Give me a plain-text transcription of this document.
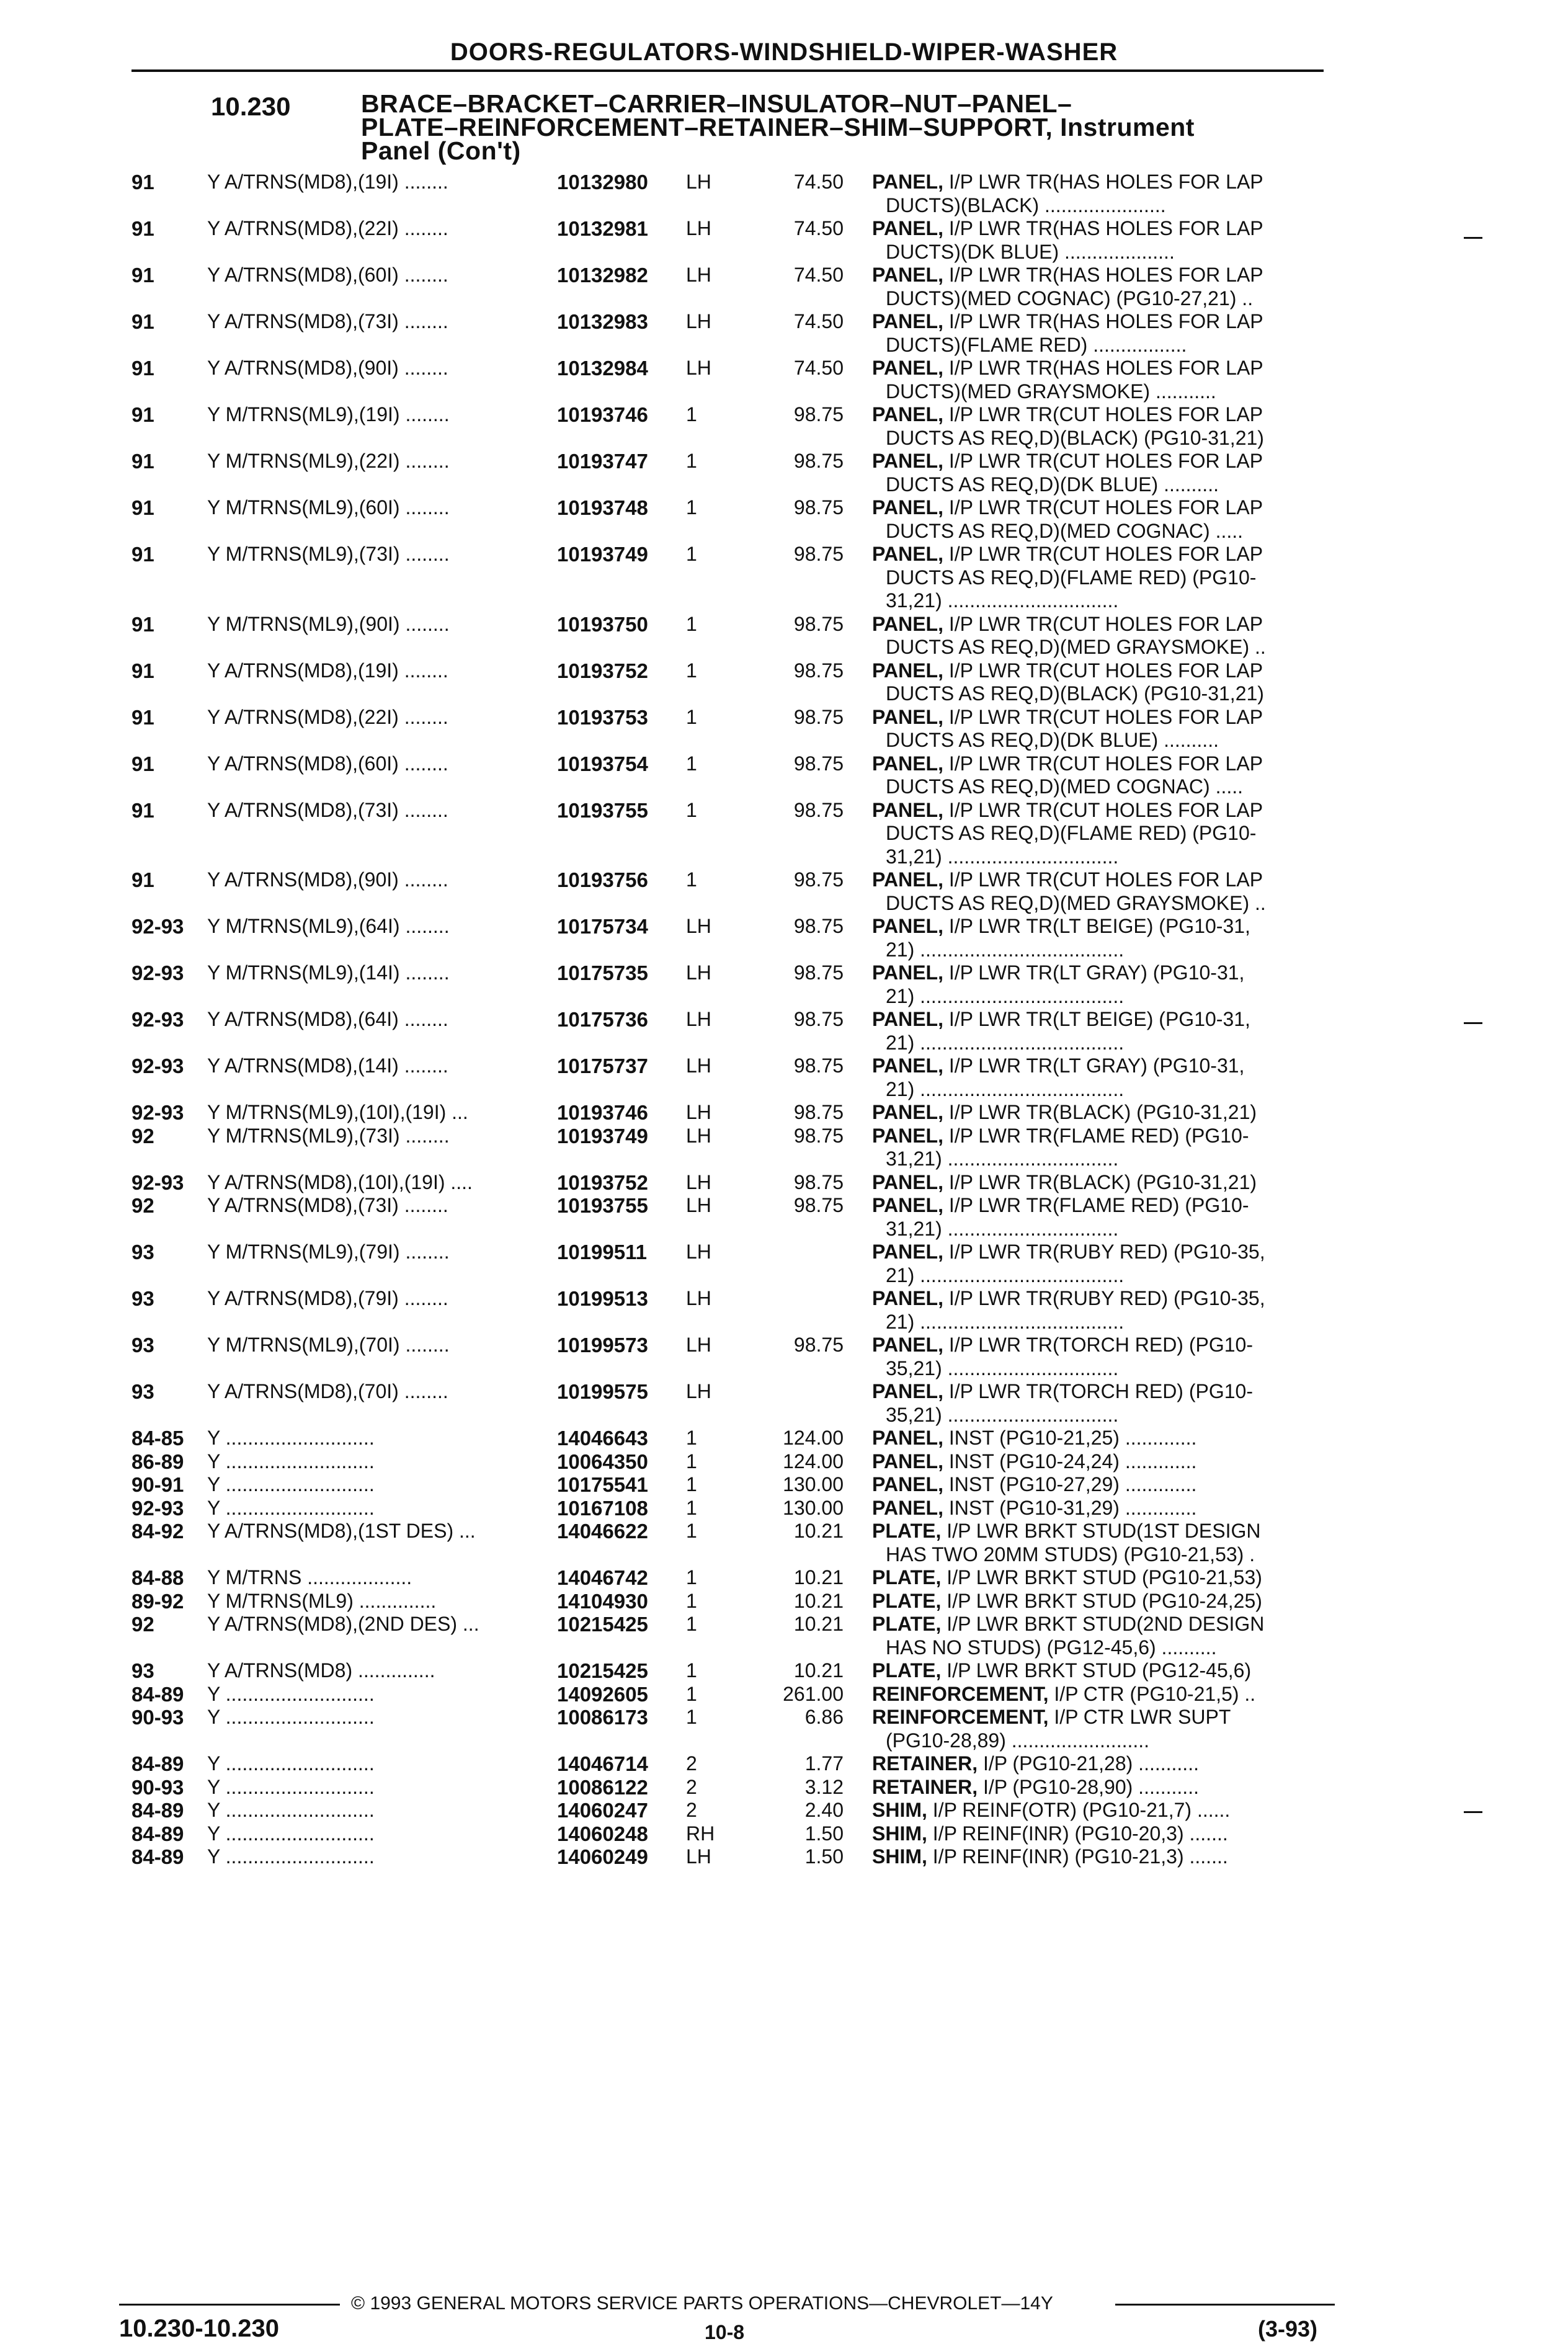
DOORS-REGULATORS-WINDSHIELD-WIPER-WASHER
10.230	BRACE–BRACKET–CARRIER–INSULATOR–NUT–PANEL–
PLATE–REINFORCEMENT–RETAINER–SHIM–SUPPORT, Instrument
Panel (Con't)
91	Y A/TRNS(MD8),(19I) ........	10132980 LH	74.50 PANEL, I/P LWR TR(HAS HOLES FOR LAP
DUCTS)(BLACK) ......................
91	Y A/TRNS(MD8),(22I) ........	10132981 LH	74.50 PANEL, I/P LWR TR(HAS HOLES FOR LAP
DUCTS)(DK BLUE) ....................
91	Y A/TRNS(MD8),(60I) ........	10132982 LH	74.50 PANEL, I/P LWR TR(HAS HOLES FOR LAP
DUCTS)(MED COGNAC) (PG10-27,21) ..
91	Y A/TRNS(MD8),(73I) ........	10132983 LH	74.50 PANEL, I/P LWR TR(HAS HOLES FOR LAP
DUCTS)(FLAME RED) .................
91	Y A/TRNS(MD8),(90I) ........	10132984 LH	74.50 PANEL, I/P LWR TR(HAS HOLES FOR LAP
DUCTS)(MED GRAYSMOKE) ...........
91	Y M/TRNS(ML9),(19I) ........	10193746 1	98.75 PANEL, I/P LWR TR(CUT HOLES FOR LAP
DUCTS AS REQ,D)(BLACK) (PG10-31,21)
91	Y M/TRNS(ML9),(22I) ........	10193747 1	98.75 PANEL, I/P LWR TR(CUT HOLES FOR LAP
DUCTS AS REQ,D)(DK BLUE) ..........
91	Y M/TRNS(ML9),(60I) ........	10193748 1	98.75 PANEL, I/P LWR TR(CUT HOLES FOR LAP
DUCTS AS REQ,D)(MED COGNAC) .....
91	Y M/TRNS(ML9),(73I) ........	10193749 1	98.75 PANEL, I/P LWR TR(CUT HOLES FOR LAP
DUCTS AS REQ,D)(FLAME RED) (PG10-
31,21) ...............................
91	Y M/TRNS(ML9),(90I) ........	10193750 1	98.75 PANEL, I/P LWR TR(CUT HOLES FOR LAP
DUCTS AS REQ,D)(MED GRAYSMOKE) ..
91	Y A/TRNS(MD8),(19I) ........	10193752 1	98.75 PANEL, I/P LWR TR(CUT HOLES FOR LAP
DUCTS AS REQ,D)(BLACK) (PG10-31,21)
91	Y A/TRNS(MD8),(22I) ........	10193753 1	98.75 PANEL, I/P LWR TR(CUT HOLES FOR LAP
DUCTS AS REQ,D)(DK BLUE) ..........
91	Y A/TRNS(MD8),(60I) ........	10193754 1	98.75 PANEL, I/P LWR TR(CUT HOLES FOR LAP
DUCTS AS REQ,D)(MED COGNAC) .....
91	Y A/TRNS(MD8),(73I) ........	10193755 1	98.75 PANEL, I/P LWR TR(CUT HOLES FOR LAP
DUCTS AS REQ,D)(FLAME RED) (PG10-
31,21) ...............................
91	Y A/TRNS(MD8),(90I) ........	10193756 1	98.75 PANEL, I/P LWR TR(CUT HOLES FOR LAP
DUCTS AS REQ,D)(MED GRAYSMOKE) ..
92-93 Y M/TRNS(ML9),(64I) ........	10175734 LH	98.75 PANEL, I/P LWR TR(LT BEIGE) (PG10-31,
21) .....................................
92-93 Y M/TRNS(ML9),(14I) ........	10175735 LH	98.75 PANEL, I/P LWR TR(LT GRAY) (PG10-31,
21) .....................................
92-93 Y A/TRNS(MD8),(64I) ........	10175736 LH	98.75 PANEL, I/P LWR TR(LT BEIGE) (PG10-31,
21) .....................................
92-93 Y A/TRNS(MD8),(14I) ........	10175737 LH	98.75 PANEL, I/P LWR TR(LT GRAY) (PG10-31,
21) .....................................
92-93 Y M/TRNS(ML9),(10I),(19I) ...	10193746 LH	98.75 PANEL, I/P LWR TR(BLACK) (PG10-31,21)
92	Y M/TRNS(ML9),(73I) ........	10193749 LH	98.75 PANEL, I/P LWR TR(FLAME RED) (PG10-
31,21) ...............................
92-93 Y A/TRNS(MD8),(10I),(19I) ....	10193752 LH	98.75 PANEL, I/P LWR TR(BLACK) (PG10-31,21)
92	Y A/TRNS(MD8),(73I) ........	10193755 LH	98.75 PANEL, I/P LWR TR(FLAME RED) (PG10-
31,21) ...............................
93	Y M/TRNS(ML9),(79I) ........	10199511 LH	PANEL, I/P LWR TR(RUBY RED) (PG10-35,
21) .....................................
93	Y A/TRNS(MD8),(79I) ........	10199513 LH	PANEL, I/P LWR TR(RUBY RED) (PG10-35,
21) .....................................
93	Y M/TRNS(ML9),(70I) ........	10199573 LH	98.75 PANEL, I/P LWR TR(TORCH RED) (PG10-
35,21) ...............................
93	Y A/TRNS(MD8),(70I) ........	10199575 LH	PANEL, I/P LWR TR(TORCH RED) (PG10-
35,21) ...............................
84-85 Y ...........................	14046643 1	124.00 PANEL, INST (PG10-21,25) .............
86-89 Y ...........................	10064350 1	124.00 PANEL, INST (PG10-24,24) .............
90-91 Y ...........................	10175541 1	130.00 PANEL, INST (PG10-27,29) .............
92-93 Y ...........................	10167108 1	130.00 PANEL, INST (PG10-31,29) .............
84-92 Y A/TRNS(MD8),(1ST DES) ...	14046622 1	10.21 PLATE, I/P LWR BRKT STUD(1ST DESIGN
HAS TWO 20MM STUDS) (PG10-21,53) .
84-88 Y M/TRNS ...................	14046742 1	10.21 PLATE, I/P LWR BRKT STUD (PG10-21,53)
89-92 Y M/TRNS(ML9) ..............	14104930 1	10.21 PLATE, I/P LWR BRKT STUD (PG10-24,25)
92	Y A/TRNS(MD8),(2ND DES) ...	10215425 1	10.21 PLATE, I/P LWR BRKT STUD(2ND DESIGN
HAS NO STUDS) (PG12-45,6) ..........
93	Y A/TRNS(MD8) ..............	10215425 1	10.21 PLATE, I/P LWR BRKT STUD (PG12-45,6)
84-89 Y ...........................	14092605 1	261.00 REINFORCEMENT, I/P CTR (PG10-21,5) ..
90-93 Y ...........................	10086173 1	6.86 REINFORCEMENT, I/P CTR LWR SUPT
(PG10-28,89) .........................
84-89 Y ...........................	14046714 2	1.77 RETAINER, I/P (PG10-21,28) ...........
90-93 Y ...........................	10086122 2	3.12 RETAINER, I/P (PG10-28,90) ...........
84-89 Y ...........................	14060247 2	2.40 SHIM, I/P REINF(OTR) (PG10-21,7) ......
84-89 Y ...........................	14060248 RH	1.50 SHIM, I/P REINF(INR) (PG10-20,3) .......
84-89 Y ...........................	14060249 LH	1.50 SHIM, I/P REINF(INR) (PG10-21,3) .......
© 1993 GENERAL MOTORS SERVICE PARTS OPERATIONS—CHEVROLET—14Y
10.230-10.230	10-8	(3-93)
